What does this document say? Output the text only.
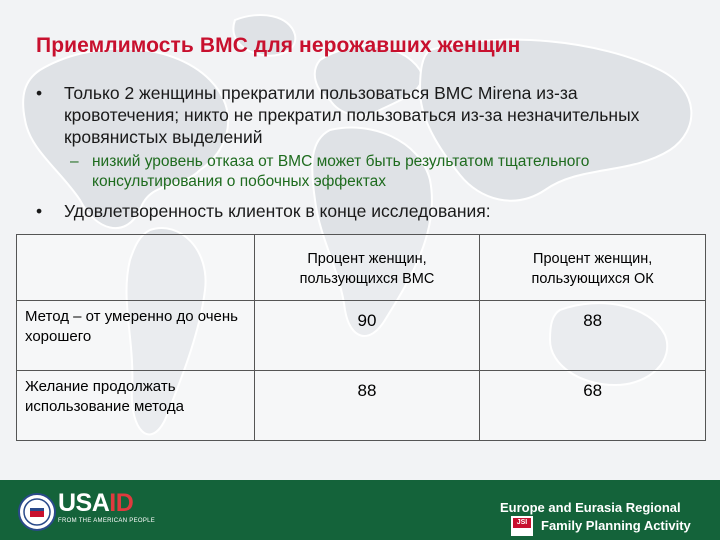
Приемлимость ВМС для нерожавших женщин
• Только 2 женщины прекратили пользоваться ВМС Mirena из-за кровотечения; никто не прекратил пользоваться из-за незначительных кровянистых выделений
• Удовлетворенность клиенток в конце исследования:
– низкий уровень отказа от ВМС может быть результатом тщательного консультирования о побочных эффектах
	Процент женщин, пользующихся ВМС	Процент женщин, пользующихся ОК
Метод – от умеренно до очень хорошего	90	88
Желание продолжать использование метода	88	68
USAID
FROM THE AMERICAN PEOPLE
Europe and Eurasia Regional
JSI Family Planning Activity
